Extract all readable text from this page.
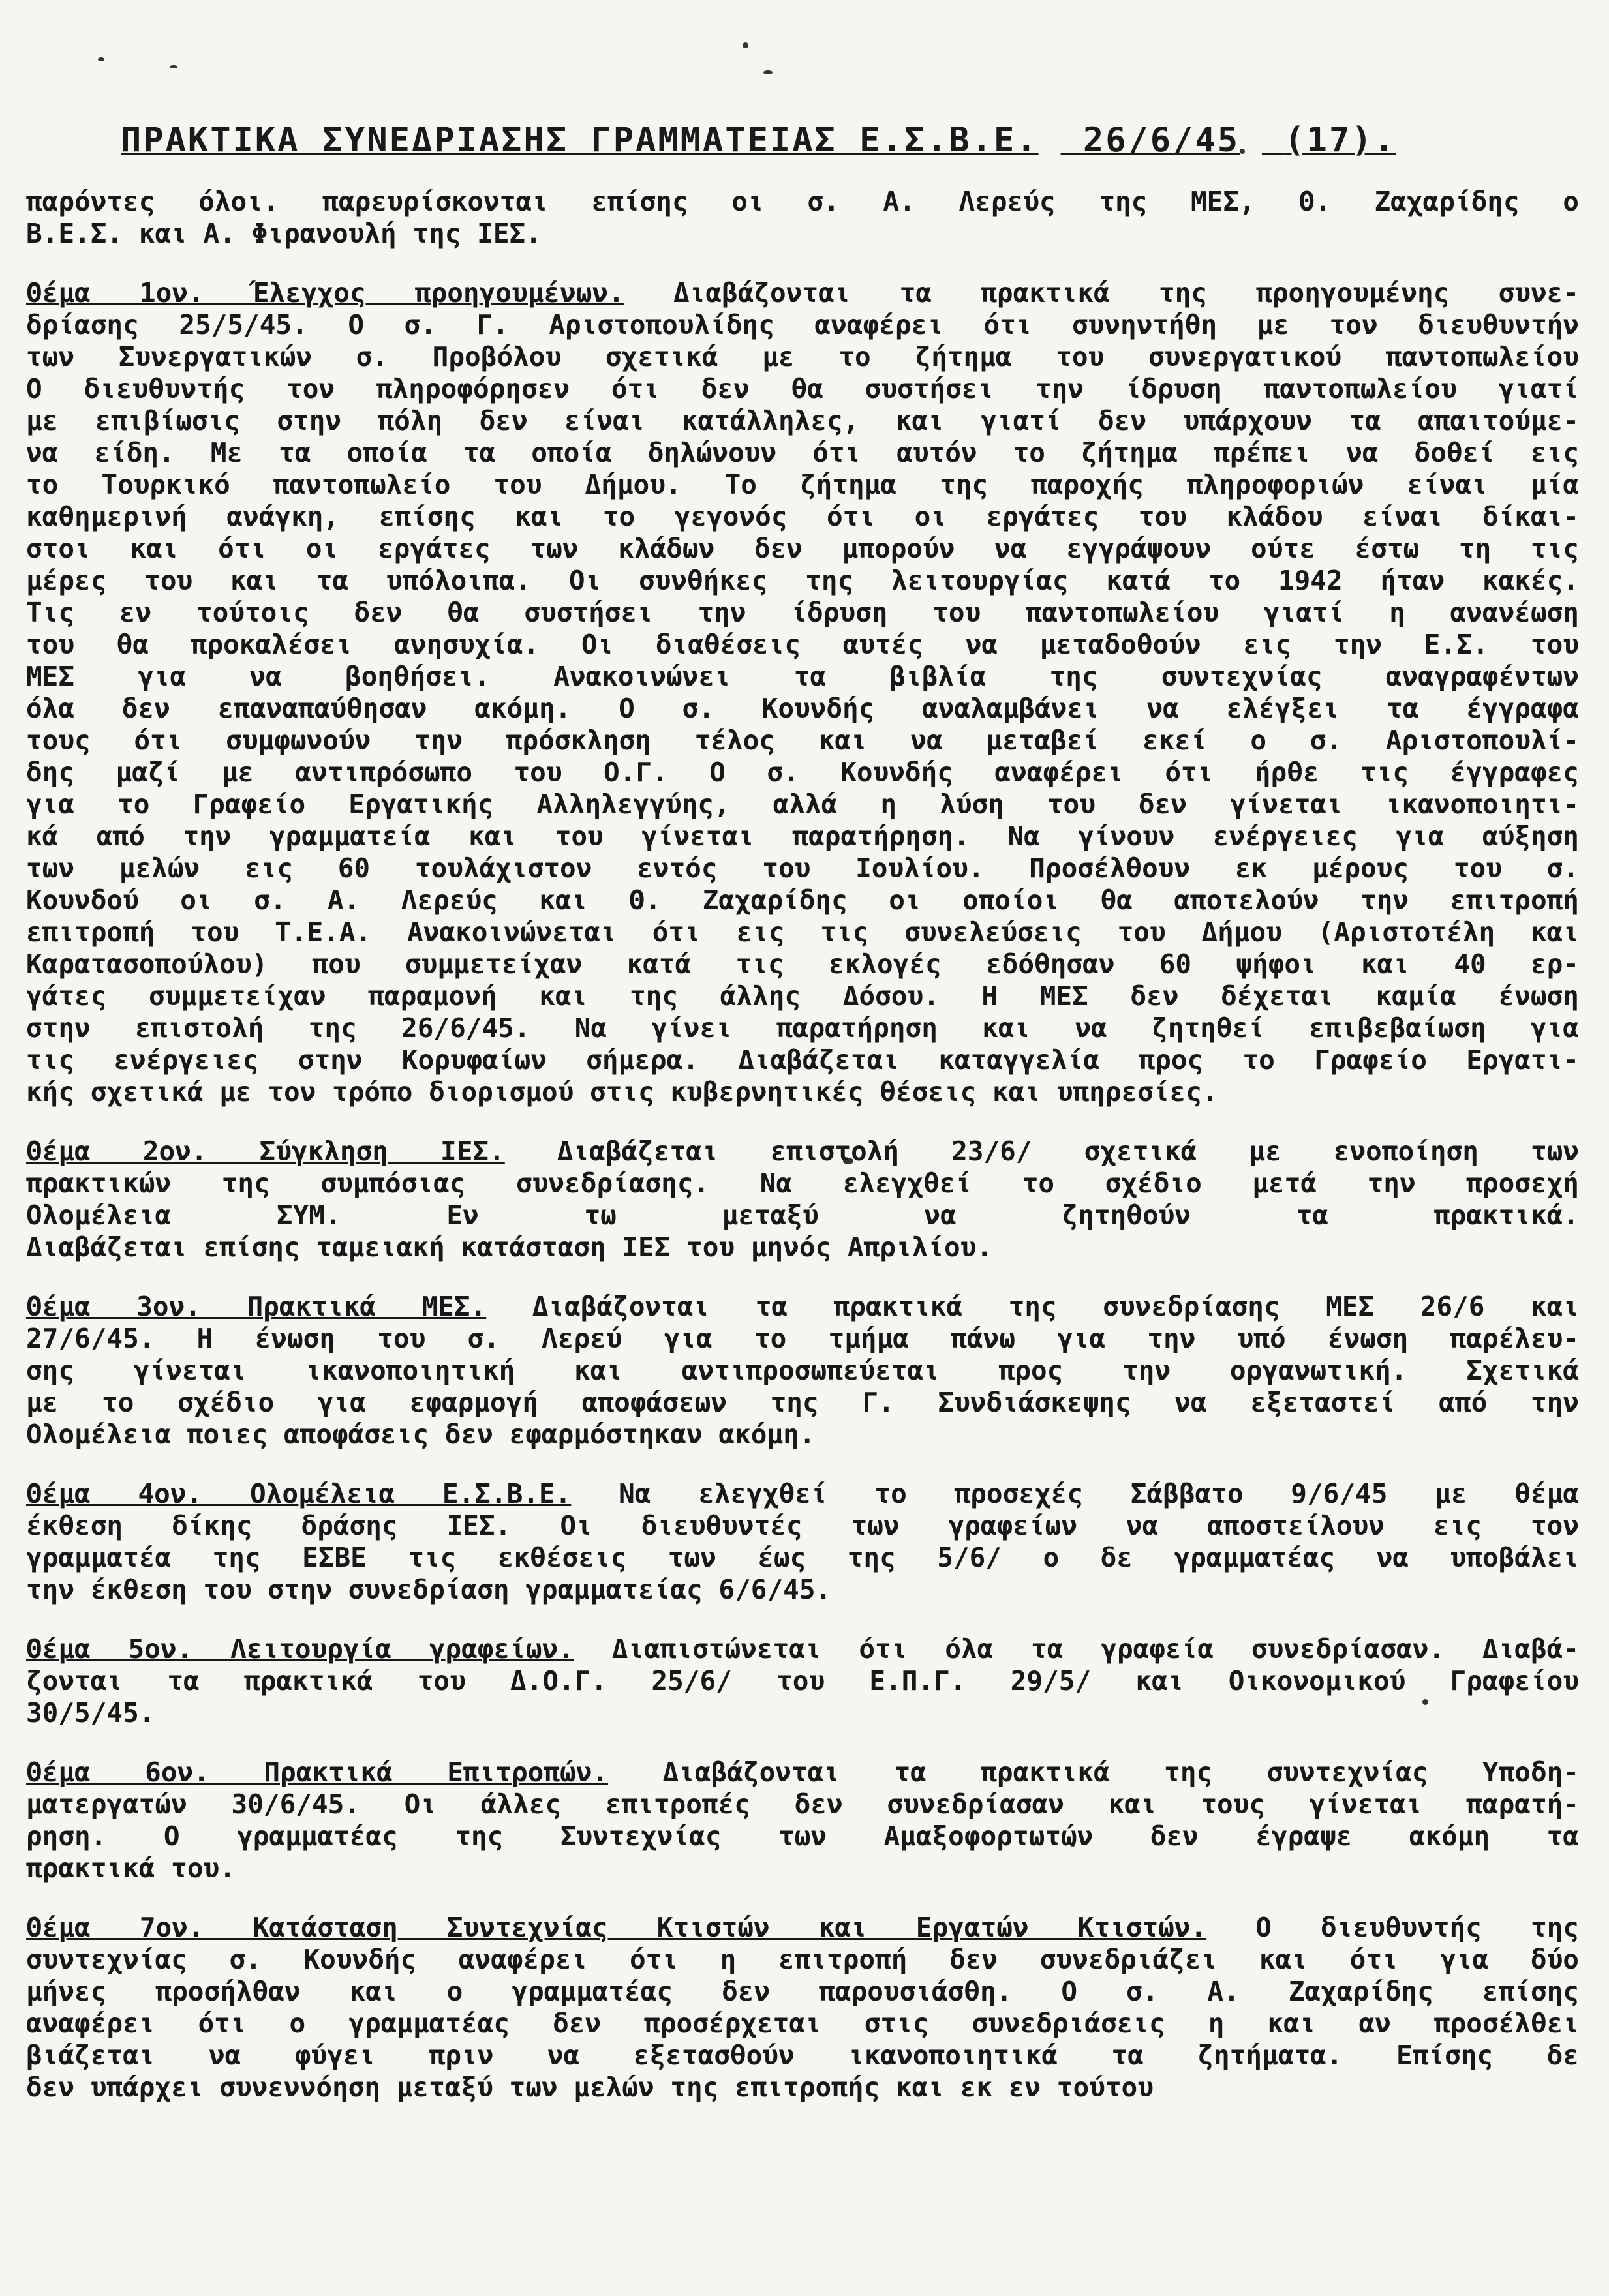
ΠΡΑΚΤΙΚΑ ΣΥΝΕΔΡΙΑΣΗΣ ΓΡΑΜΜΑΤΕΙΑΣ Ε.Σ.Β.Ε. 26/6/45 (17).
παρόντες όλοι. παρευρίσκονται επίσης οι σ. Α. Λερεύς της ΜΕΣ, Θ. Ζαχαρίδης ο
Β.Ε.Σ. και Α. Φιρανουλή της ΙΕΣ.
Θέμα 1ον. Έλεγχος προηγουμένων. Διαβάζονται τα πρακτικά της προηγουμένης συνε-
δρίασης 25/5/45. Ο σ. Γ. Αριστοπουλίδης αναφέρει ότι συνηντήθη με τον διευθυντήν
των Συνεργατικών σ. Προβόλου σχετικά με το ζήτημα του συνεργατικού παντοπωλείου
Ο διευθυντής τον πληροφόρησεν ότι δεν θα συστήσει την ίδρυση παντοπωλείου γιατί
με επιβίωσις στην πόλη δεν είναι κατάλληλες, και γιατί δεν υπάρχουν τα απαιτούμε-
να είδη. Με τα οποία τα οποία δηλώνουν ότι αυτόν το ζήτημα πρέπει να δοθεί εις
το Τουρκικό παντοπωλείο του Δήμου. Το ζήτημα της παροχής πληροφοριών είναι μία
καθημερινή ανάγκη, επίσης και το γεγονός ότι οι εργάτες του κλάδου είναι δίκαι-
στοι και ότι οι εργάτες των κλάδων δεν μπορούν να εγγράψουν ούτε έστω τη τις
μέρες του και τα υπόλοιπα. Οι συνθήκες της λειτουργίας κατά το 1942 ήταν κακές.
Τις εν τούτοις δεν θα συστήσει την ίδρυση του παντοπωλείου γιατί η ανανέωση
του θα προκαλέσει ανησυχία. Οι διαθέσεις αυτές να μεταδοθούν εις την Ε.Σ. του
ΜΕΣ για να βοηθήσει. Ανακοινώνει τα βιβλία της συντεχνίας αναγραφέντων
όλα δεν επαναπαύθησαν ακόμη. Ο σ. Κουνδής αναλαμβάνει να ελέγξει τα έγγραφα
τους ότι συμφωνούν την πρόσκληση τέλος και να μεταβεί εκεί ο σ. Αριστοπουλί-
δης μαζί με αντιπρόσωπο του Ο.Γ. Ο σ. Κουνδής αναφέρει ότι ήρθε τις έγγραφες
για το Γραφείο Εργατικής Αλληλεγγύης, αλλά η λύση του δεν γίνεται ικανοποιητι-
κά από την γραμματεία και του γίνεται παρατήρηση. Να γίνουν ενέργειες για αύξηση
των μελών εις 60 τουλάχιστον εντός του Ιουλίου. Προσέλθουν εκ μέρους του σ.
Κουνδού οι σ. Α. Λερεύς και Θ. Ζαχαρίδης οι οποίοι θα αποτελούν την επιτροπή
επιτροπή του Τ.Ε.Α. Ανακοινώνεται ότι εις τις συνελεύσεις του Δήμου (Αριστοτέλη και
Καρατασοπούλου) που συμμετείχαν κατά τις εκλογές εδόθησαν 60 ψήφοι και 40 ερ-
γάτες συμμετείχαν παραμονή και της άλλης Δόσου. Η ΜΕΣ δεν δέχεται καμία ένωση
στην επιστολή της 26/6/45. Να γίνει παρατήρηση και να ζητηθεί επιβεβαίωση για
τις ενέργειες στην Κορυφαίων σήμερα. Διαβάζεται καταγγελία προς το Γραφείο Εργατι-
κής σχετικά με τον τρόπο διορισμού στις κυβερνητικές θέσεις και υπηρεσίες.
Θέμα 2ον. Σύγκληση ΙΕΣ. Διαβάζεται επιστολή 23/6/ σχετικά με ενοποίηση των
πρακτικών της συμπόσιας συνεδρίασης. Να ελεγχθεί το σχέδιο μετά την προσεχή
Ολομέλεια ΣΥΜ. Εν τω μεταξύ να ζητηθούν τα πρακτικά.
Διαβάζεται επίσης ταμειακή κατάσταση ΙΕΣ του μηνός Απριλίου.
Θέμα 3ον. Πρακτικά ΜΕΣ. Διαβάζονται τα πρακτικά της συνεδρίασης ΜΕΣ 26/6 και
27/6/45. Η ένωση του σ. Λερεύ για το τμήμα πάνω για την υπό ένωση παρέλευ-
σης γίνεται ικανοποιητική και αντιπροσωπεύεται προς την οργανωτική. Σχετικά
με το σχέδιο για εφαρμογή αποφάσεων της Γ. Συνδιάσκεψης να εξεταστεί από την
Ολομέλεια ποιες αποφάσεις δεν εφαρμόστηκαν ακόμη.
Θέμα 4ον. Ολομέλεια Ε.Σ.Β.Ε. Να ελεγχθεί το προσεχές Σάββατο 9/6/45 με θέμα
έκθεση δίκης δράσης ΙΕΣ. Οι διευθυντές των γραφείων να αποστείλουν εις τον
γραμματέα της ΕΣΒΕ τις εκθέσεις των έως της 5/6/ ο δε γραμματέας να υποβάλει
την έκθεση του στην συνεδρίαση γραμματείας 6/6/45.
Θέμα 5ον. Λειτουργία γραφείων. Διαπιστώνεται ότι όλα τα γραφεία συνεδρίασαν. Διαβά-
ζονται τα πρακτικά του Δ.Ο.Γ. 25/6/ του Ε.Π.Γ. 29/5/ και Οικονομικού Γραφείου
30/5/45.
Θέμα 6ον. Πρακτικά Επιτροπών. Διαβάζονται τα πρακτικά της συντεχνίας Υποδη-
ματεργατών 30/6/45. Οι άλλες επιτροπές δεν συνεδρίασαν και τους γίνεται παρατή-
ρηση. Ο γραμματέας της Συντεχνίας των Αμαξοφορτωτών δεν έγραψε ακόμη τα
πρακτικά του.
Θέμα 7ον. Κατάσταση Συντεχνίας Κτιστών και Εργατών Κτιστών. Ο διευθυντής της
συντεχνίας σ. Κουνδής αναφέρει ότι η επιτροπή δεν συνεδριάζει και ότι για δύο
μήνες προσήλθαν και ο γραμματέας δεν παρουσιάσθη. Ο σ. Α. Ζαχαρίδης επίσης
αναφέρει ότι ο γραμματέας δεν προσέρχεται στις συνεδριάσεις η και αν προσέλθει
βιάζεται να φύγει πριν να εξετασθούν ικανοποιητικά τα ζητήματα. Επίσης δε
δεν υπάρχει συνεννόηση μεταξύ των μελών της επιτροπής και εκ εν τούτου
